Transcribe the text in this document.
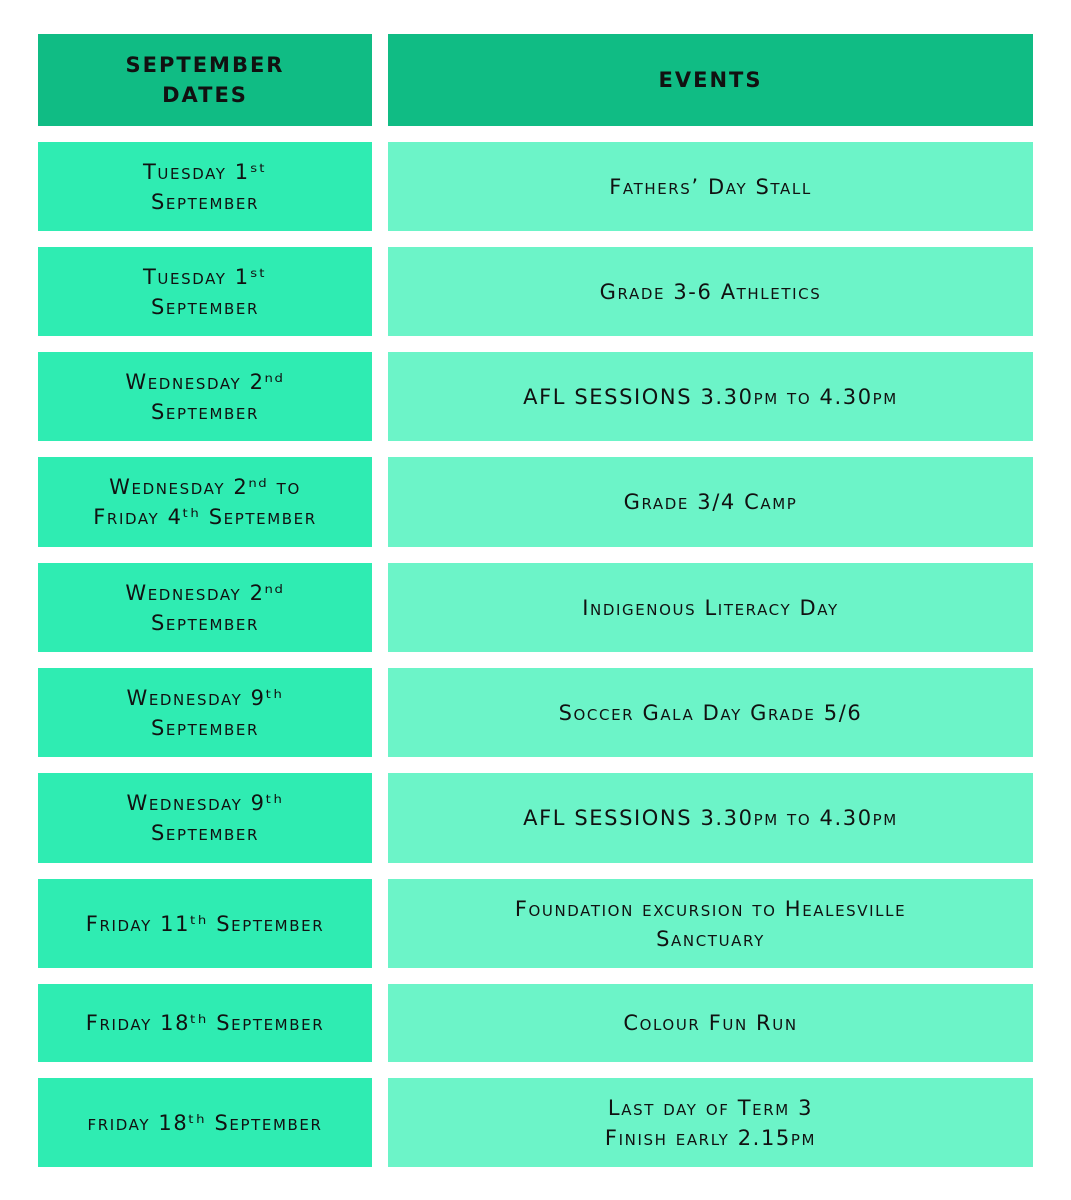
SEPTEMBER
DATES
EVENTS
Tuesday 1ˢᵗ
September
Fathers’ Day Stall
Tuesday 1ˢᵗ
September
Grade 3-6 Athletics
Wednesday 2ⁿᵈ
September
AFL SESSIONS 3.30pm to 4.30pm
Wednesday 2ⁿᵈ to
Friday 4ᵗʰ September
Grade 3/4 Camp
Wednesday 2ⁿᵈ
September
Indigenous Literacy Day
Wednesday 9ᵗʰ
September
Soccer Gala Day Grade 5/6
Wednesday 9ᵗʰ
September
AFL SESSIONS 3.30pm to 4.30pm
Friday 11ᵗʰ September
Foundation excursion to Healesville
Sanctuary
Friday 18ᵗʰ September	Colour Fun Run
friday 18ᵗʰ September
Last day of Term 3
Finish early 2.15pm
